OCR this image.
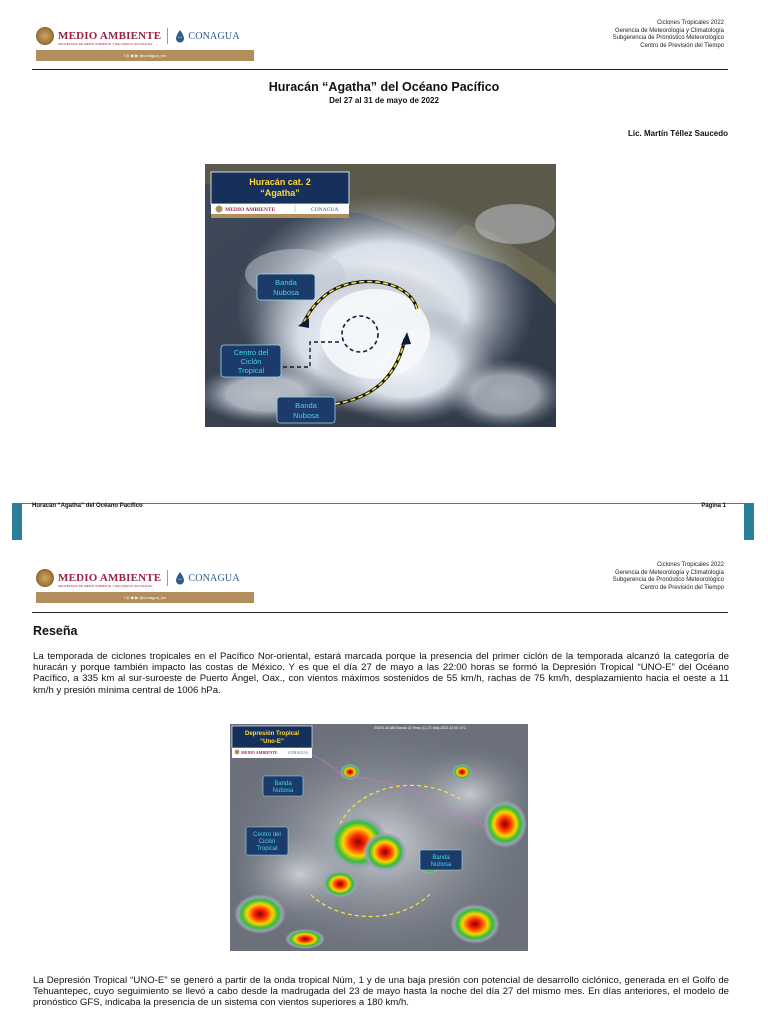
MEDIO AMBIENTE	CONAGUA
SECRETARÍA DE MEDIO AMBIENTE Y RECURSOS NATURALES
f ◎ ◉ ▶ @conagua_mx
Ciclones Tropicales 2022
Gerencia de Meteorología y Climatología
Subgerencia de Pronóstico Meteorológico
Centro de Previsión del Tiempo
Huracán “Agatha” del Océano Pacífico
Del 27 al 31 de mayo de 2022
Lic. Martín Téllez Saucedo
Huracán cat. 2
“Agatha”
MEDIO AMBIENTE	CONAGUA
Banda
Nubosa
Centro del
Ciclón
Tropical
Banda
Nubosa
Huracán “Agatha” del Océano Pacífico	Página 1
MEDIO AMBIENTE	CONAGUA
SECRETARÍA DE MEDIO AMBIENTE Y RECURSOS NATURALES
f ◎ ◉ ▶ @conagua_mx
Ciclones Tropicales 2022
Gerencia de Meteorología y Climatología
Subgerencia de Pronóstico Meteorológico
Centro de Previsión del Tiempo
Reseña
La temporada de ciclones tropicales en el Pacífico Nor-oriental, estará marcada porque la presencia del primer ciclón de la temporada alcanzó la categoría de huracán y porque también impacto las costas de México. Y es que el día 27 de mayo a las 22:00 horas se formó la Depresión Tropical “UNO-E” del Océano Pacífico, a 335 km al sur-suroeste de Puerto Ángel, Oax., con vientos máximos sostenidos de 55 km/h, rachas de 75 km/h, desplazamiento hacia el oeste a 11 km/h y presión mínima central de 1006 hPa.
GOES-16 ABI Banda 13 Temp (C) 27-May-2022 22:00 UTC
Depresión Tropical
“Uno-E”
MEDIO AMBIENTE	CONAGUA
Banda
Nubosa
Centro del
Ciclón
Tropical
Banda
Nubosa
La Depresión Tropical “UNO-E” se generó a partir de la onda tropical Núm, 1 y de una baja presión con potencial de desarrollo ciclónico, generada en el Golfo de Tehuantepec, cuyo seguimiento se llevó a cabo desde la madrugada del 23 de mayo hasta la noche del día 27 del mismo mes. En días anteriores, el modelo de pronóstico GFS, indicaba la presencia de un sistema con vientos superiores a 180 km/h.
